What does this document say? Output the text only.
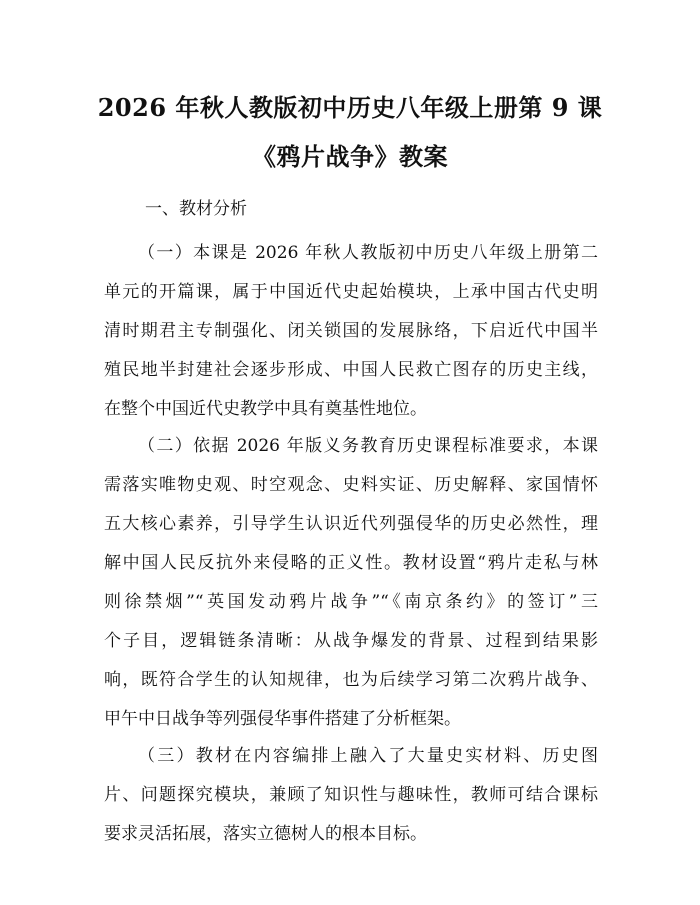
2026 年秋人教版初中历史八年级上册第 9 课
《鸦片战争》教案

一、教材分析

（一）本课是 2026 年秋人教版初中历史八年级上册第二
单元的开篇课，属于中国近代史起始模块，上承中国古代史明
清时期君主专制强化、闭关锁国的发展脉络，下启近代中国半
殖民地半封建社会逐步形成、中国人民救亡图存的历史主线，
在整个中国近代史教学中具有奠基性地位。
（二）依据 2026 年版义务教育历史课程标准要求，本课
需落实唯物史观、时空观念、史料实证、历史解释、家国情怀
五大核心素养，引导学生认识近代列强侵华的历史必然性，理
解中国人民反抗外来侵略的正义性。教材设置“鸦片走私与林
则徐禁烟”“英国发动鸦片战争”“《南京条约》的签订”三
个子目，逻辑链条清晰：从战争爆发的背景、过程到结果影
响，既符合学生的认知规律，也为后续学习第二次鸦片战争、
甲午中日战争等列强侵华事件搭建了分析框架。
（三）教材在内容编排上融入了大量史实材料、历史图
片、问题探究模块，兼顾了知识性与趣味性，教师可结合课标
要求灵活拓展，落实立德树人的根本目标。
